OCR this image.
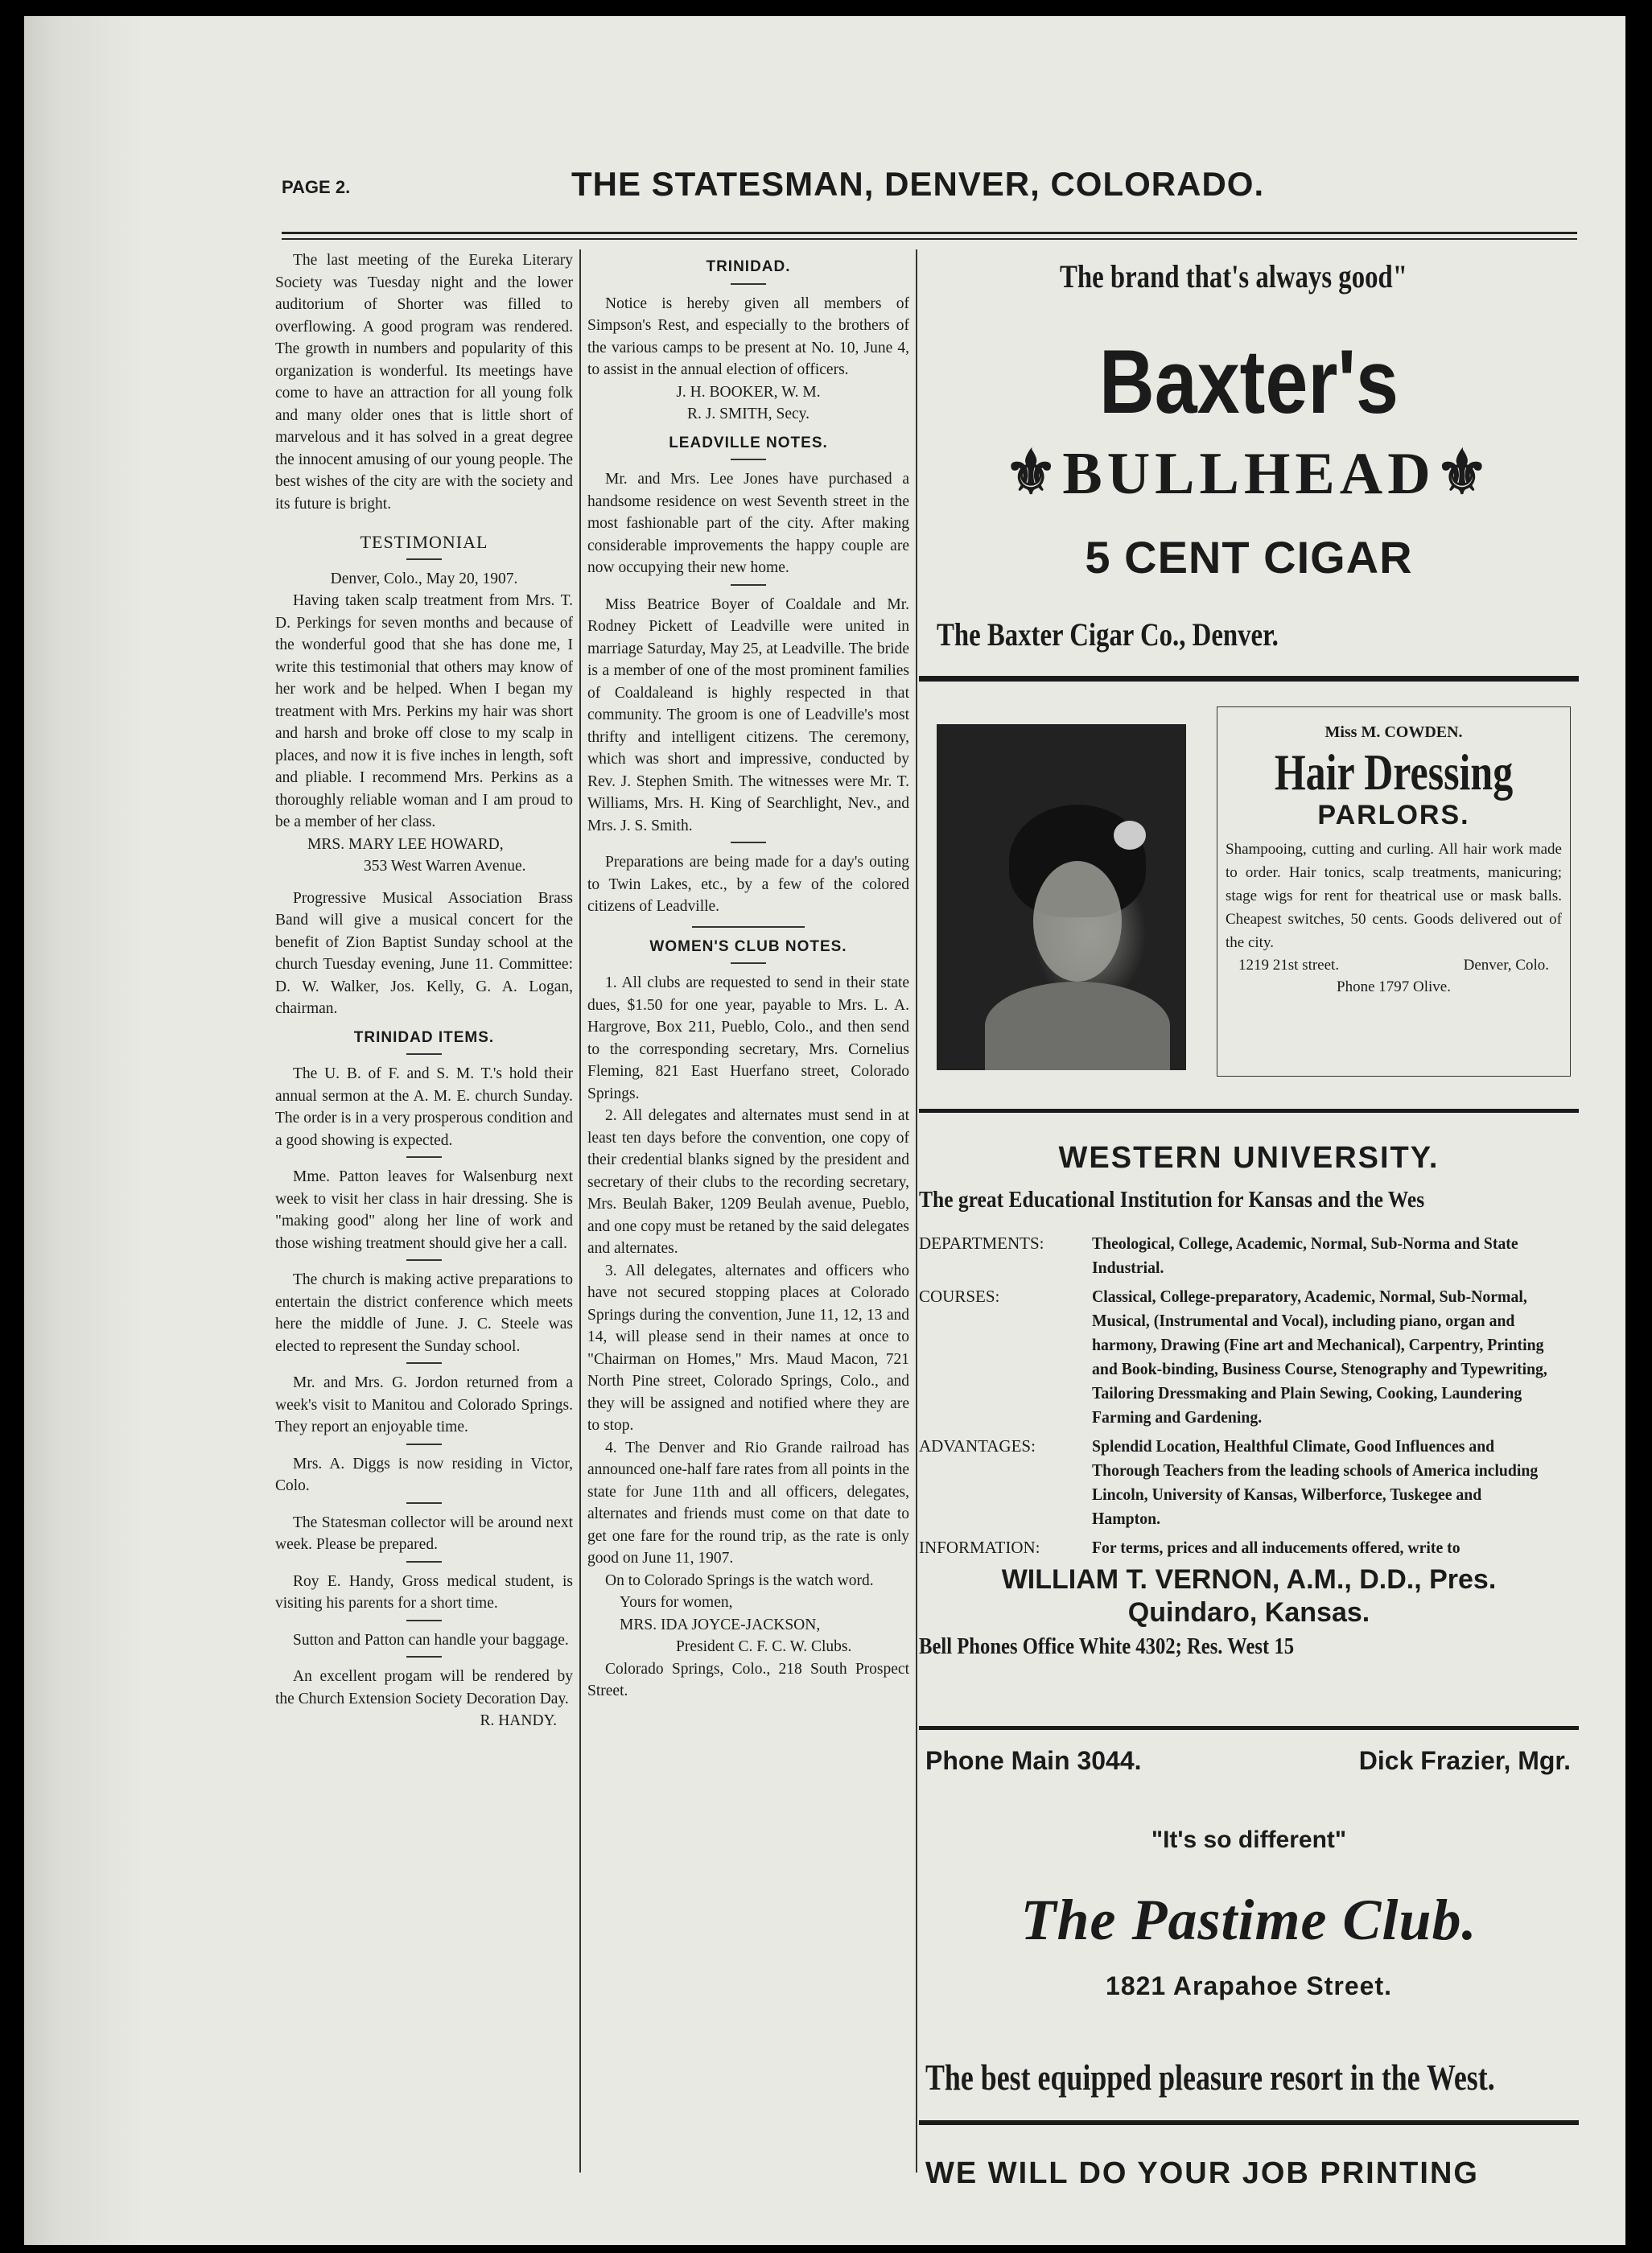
PAGE 2.	THE STATESMAN, DENVER, COLORADO.

The last meeting of the Eureka Literary Society was Tuesday night and the lower auditorium of Shorter was filled to overflowing. A good program was rendered. The growth in numbers and popularity of this organization is wonderful. Its meetings have come to have an attraction for all young folk and many older ones that is little short of marvelous and it has solved in a great degree the innocent amusing of our young people. The best wishes of the city are with the society and its future is bright.

TESTIMONIAL

Denver, Colo., May 20, 1907.

Having taken scalp treatment from Mrs. T. D. Perkings for seven months and because of the wonderful good that she has done me, I write this testimonial that others may know of her work and be helped. When I began my treatment with Mrs. Perkins my hair was short and harsh and broke off close to my scalp in places, and now it is five inches in length, soft and pliable. I recommend Mrs. Perkins as a thoroughly reliable woman and I am proud to be a member of her class.

MRS. MARY LEE HOWARD,

353 West Warren Avenue.

Progressive Musical Association Brass Band will give a musical concert for the benefit of Zion Baptist Sunday school at the church Tuesday evening, June 11. Committee: D. W. Walker, Jos. Kelly, G. A. Logan, chairman.

TRINIDAD ITEMS.

The U. B. of F. and S. M. T.'s hold their annual sermon at the A. M. E. church Sunday. The order is in a very prosperous condition and a good showing is expected.

Mme. Patton leaves for Walsenburg next week to visit her class in hair dressing. She is "making good" along her line of work and those wishing treatment should give her a call.

The church is making active preparations to entertain the district conference which meets here the middle of June. J. C. Steele was elected to represent the Sunday school.

Mr. and Mrs. G. Jordon returned from a week's visit to Manitou and Colorado Springs. They report an enjoyable time.

Mrs. A. Diggs is now residing in Victor, Colo.

The Statesman collector will be around next week. Please be prepared.

Roy E. Handy, Gross medical student, is visiting his parents for a short time.

Sutton and Patton can handle your baggage.

An excellent progam will be rendered by the Church Extension Society Decoration Day.

R. HANDY.

TRINIDAD.

Notice is hereby given all members of Simpson's Rest, and especially to the brothers of the various camps to be present at No. 10, June 4, to assist in the annual election of officers.

J. H. BOOKER, W. M.

R. J. SMITH, Secy.

LEADVILLE NOTES.

Mr. and Mrs. Lee Jones have purchased a handsome residence on west Seventh street in the most fashionable part of the city. After making considerable improvements the happy couple are now occupying their new home.

Miss Beatrice Boyer of Coaldale and Mr. Rodney Pickett of Leadville were united in marriage Saturday, May 25, at Leadville. The bride is a member of one of the most prominent families of Coaldaleand is highly respected in that community. The groom is one of Leadville's most thrifty and intelligent citizens. The ceremony, which was short and impressive, conducted by Rev. J. Stephen Smith. The witnesses were Mr. T. Williams, Mrs. H. King of Searchlight, Nev., and Mrs. J. S. Smith.

Preparations are being made for a day's outing to Twin Lakes, etc., by a few of the colored citizens of Leadville.

WOMEN'S CLUB NOTES.

1. All clubs are requested to send in their state dues, $1.50 for one year, payable to Mrs. L. A. Hargrove, Box 211, Pueblo, Colo., and then send to the corresponding secretary, Mrs. Cornelius Fleming, 821 East Huerfano street, Colorado Springs.

2. All delegates and alternates must send in at least ten days before the convention, one copy of their credential blanks signed by the president and secretary of their clubs to the recording secretary, Mrs. Beulah Baker, 1209 Beulah avenue, Pueblo, and one copy must be retaned by the said delegates and alternates.

3. All delegates, alternates and officers who have not secured stopping places at Colorado Springs during the convention, June 11, 12, 13 and 14, will please send in their names at once to "Chairman on Homes," Mrs. Maud Macon, 721 North Pine street, Colorado Springs, Colo., and they will be assigned and notified where they are to stop.

4. The Denver and Rio Grande railroad has announced one-half fare rates from all points in the state for June 11th and all officers, delegates, alternates and friends must come on that date to get one fare for the round trip, as the rate is only good on June 11, 1907.

On to Colorado Springs is the watch word.

Yours for women,

MRS. IDA JOYCE-JACKSON,

President C. F. C. W. Clubs.

Colorado Springs, Colo., 218 South Prospect Street.

The brand that's always good"
Baxter's
⚜BULLHEAD⚜
5 CENT CIGAR
The Baxter Cigar Co., Denver.
Miss M. COWDEN.
Hair Dressing
PARLORS.
Shampooing, cutting and curling. All hair work made to order. Hair tonics, scalp treatments, manicuring; stage wigs for rent for theatrical use or mask balls. Cheapest switches, 50 cents. Goods delivered out of the city.
1219 21st street.	Denver, Colo.
Phone 1797 Olive.
WESTERN UNIVERSITY.
The great Educational Institution for Kansas and the Wes
DEPARTMENTS:	Theological, College, Academic, Normal, Sub-Norma and State Industrial.
COURSES:	Classical, College-preparatory, Academic, Normal, Sub-Normal, Musical, (Instrumental and Vocal), including piano, organ and harmony, Drawing (Fine art and Mechanical), Carpentry, Printing and Book-binding, Business Course, Stenography and Typewriting, Tailoring Dressmaking and Plain Sewing, Cooking, Laundering Farming and Gardening.
ADVANTAGES:	Splendid Location, Healthful Climate, Good Influences and Thorough Teachers from the leading schools of America including Lincoln, University of Kansas, Wilberforce, Tuskegee and Hampton.
INFORMATION:	For terms, prices and all inducements offered, write to
WILLIAM T. VERNON, A.M., D.D., Pres.
Quindaro, Kansas.
Bell Phones Office White 4302; Res. West 15
Phone Main 3044.	Dick Frazier, Mgr.
"It's so different"
The Pastime Club.
1821 Arapahoe Street.
The best equipped pleasure resort in the West.
WE WILL DO YOUR JOB PRINTING
